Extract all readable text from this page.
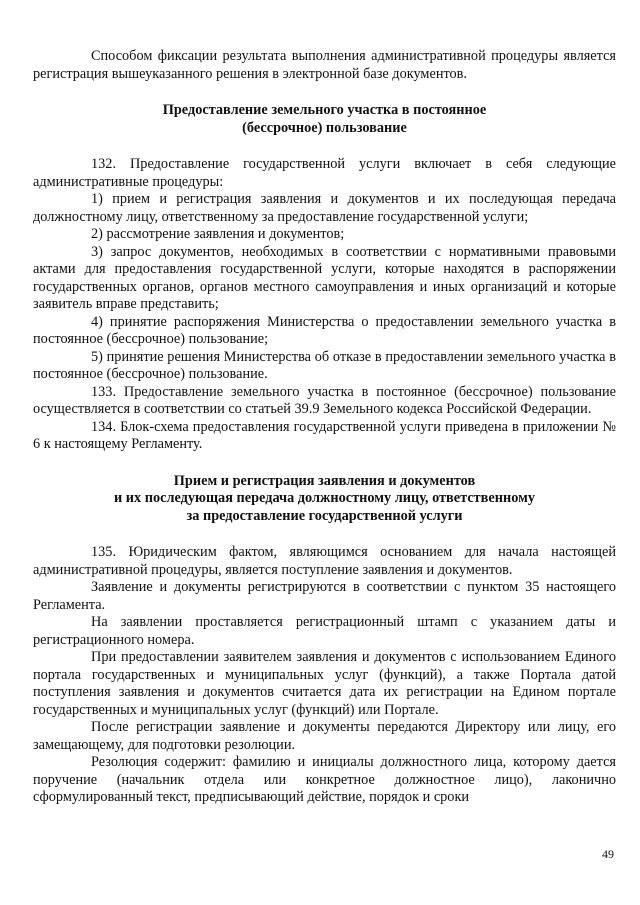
Способом фиксации результата выполнения административной процедуры является регистрация вышеуказанного решения в электронной базе документов.

Предоставление земельного участка в постоянное
(бессрочное) пользование

132. Предоставление государственной услуги включает в себя следующие административные процедуры:

1) прием и регистрация заявления и документов и их последующая передача должностному лицу, ответственному за предоставление государственной услуги;

2) рассмотрение заявления и документов;

3) запрос документов, необходимых в соответствии с нормативными правовыми актами для предоставления государственной услуги, которые находятся в распоряжении государственных органов, органов местного самоуправления и иных организаций и которые заявитель вправе представить;

4) принятие распоряжения Министерства о предоставлении земельного участка в постоянное (бессрочное) пользование;

5) принятие решения Министерства об отказе в предоставлении земельного участка в постоянное (бессрочное) пользование.

133. Предоставление земельного участка в постоянное (бессрочное) пользование осуществляется в соответствии со статьей 39.9 Земельного кодекса Российской Федерации.

134. Блок-схема предоставления государственной услуги приведена в приложении № 6 к настоящему Регламенту.

Прием и регистрация заявления и документов
и их последующая передача должностному лицу, ответственному
за предоставление государственной услуги

135. Юридическим фактом, являющимся основанием для начала настоящей административной процедуры, является поступление заявления и документов.

Заявление и документы регистрируются в соответствии с пунктом 35 настоящего Регламента.

На заявлении проставляется регистрационный штамп с указанием даты и регистрационного номера.

При предоставлении заявителем заявления и документов с использованием Единого портала государственных и муниципальных услуг (функций), а также Портала датой поступления заявления и документов считается дата их регистрации на Едином портале государственных и муниципальных услуг (функций) или Портале.

После регистрации заявление и документы передаются Директору или лицу, его замещающему, для подготовки резолюции.

Резолюция содержит: фамилию и инициалы должностного лица, которому дается поручение (начальник отдела или конкретное должностное лицо), лаконично сформулированный текст, предписывающий действие, порядок и сроки

49
